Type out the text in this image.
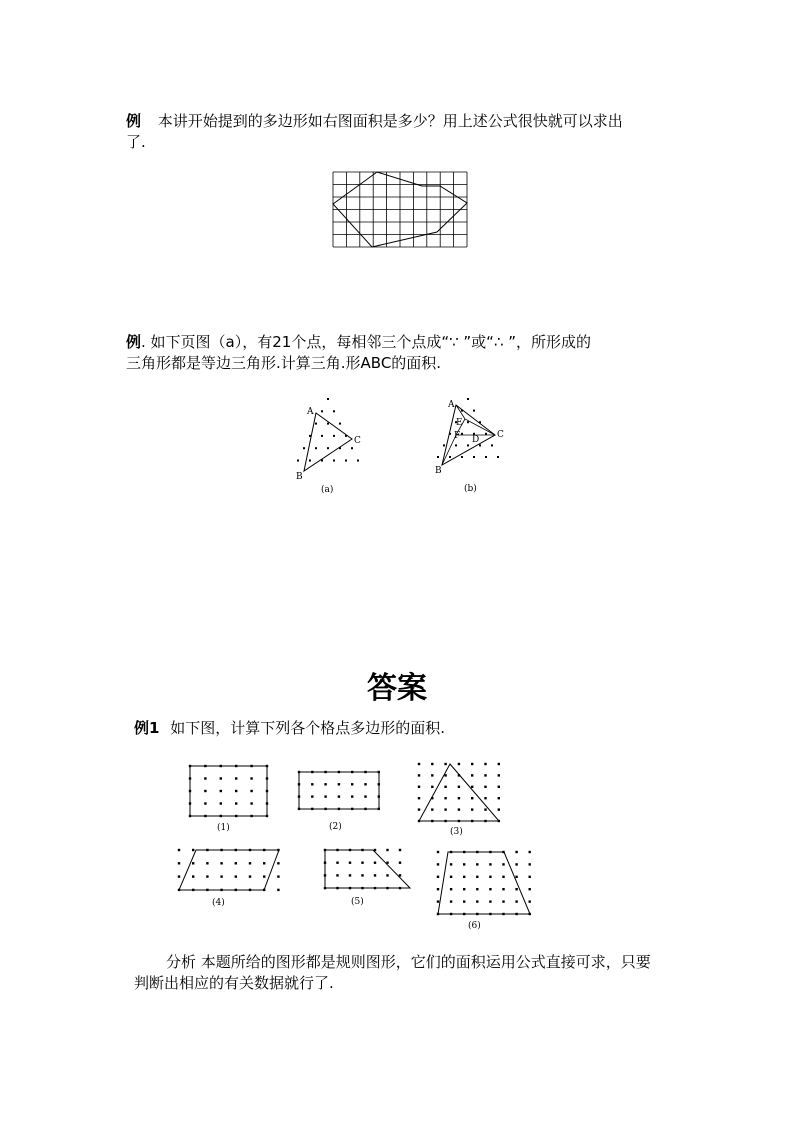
例 本讲开始提到的多边形如右图面积是多少？用上述公式很快就可以求出
了.
例. 如下页图（a），有21个点，每相邻三个点成“∵ ”或“∴ ”，所形成的
三角形都是等边三角形.计算三角.形ABC的面积.
A
B
C
(a)
A
B
C
D
E
F
(b)
答案
例1 如下图，计算下列各个格点多边形的面积.
(1)	(2)	(3)
(4)	(5)
(6)
分析 本题所给的图形都是规则图形，它们的面积运用公式直接可求，只要
判断出相应的有关数据就行了.
